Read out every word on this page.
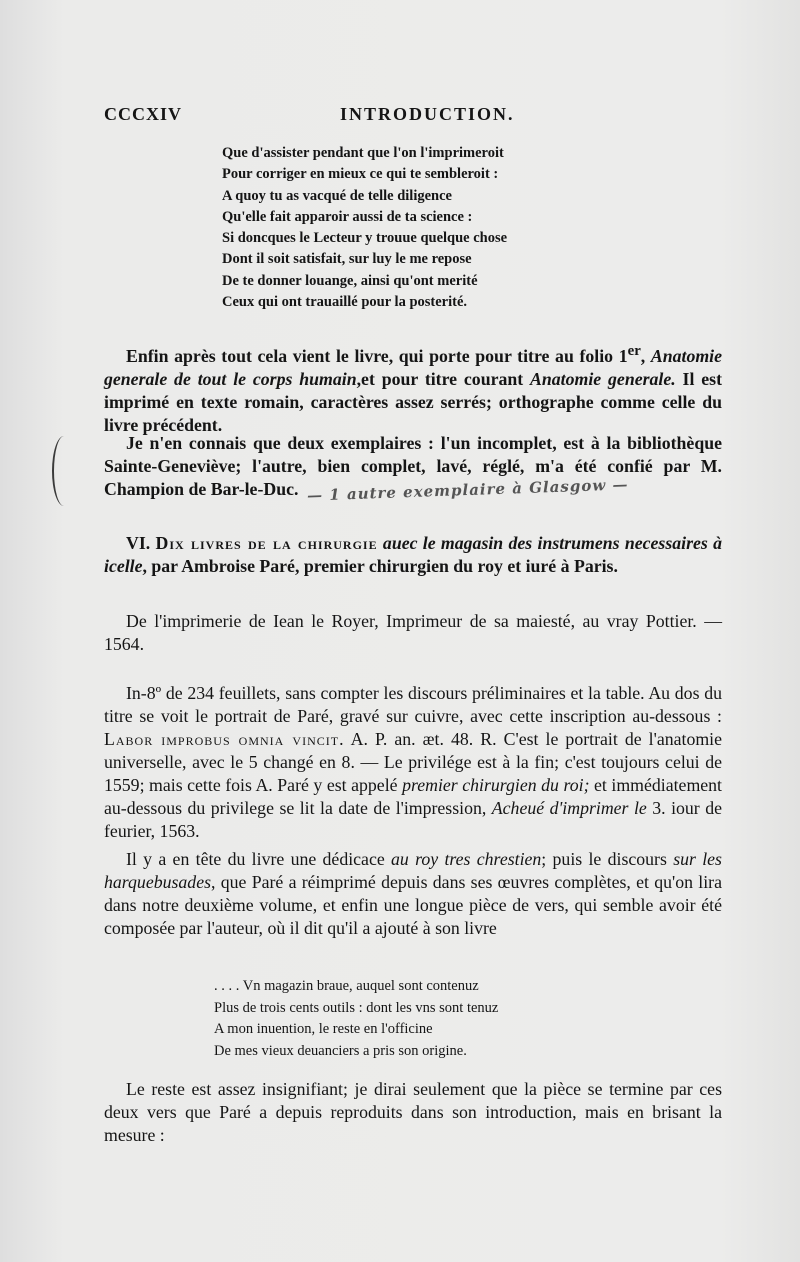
CCCXIV	INTRODUCTION.
Que d'assister pendant que l'on l'imprimeroit
Pour corriger en mieux ce qui te sembleroit :
A quoy tu as vacqué de telle diligence
Qu'elle fait apparoir aussi de ta science :
Si doncques le Lecteur y trouue quelque chose
Dont il soit satisfait, sur luy le me repose
De te donner louange, ainsi qu'ont merité
Ceux qui ont trauaillé pour la posterité.
Enfin après tout cela vient le livre, qui porte pour titre au folio 1er, Anatomie generale de tout le corps humain,et pour titre courant Anatomie generale. Il est imprimé en texte romain, caractères assez serrés; orthographe comme celle du livre précédent.
Je n'en connais que deux exemplaires : l'un incomplet, est à la bibliothèque Sainte-Geneviève; l'autre, bien complet, lavé, réglé, m'a été confié par M. Champion de Bar-le-Duc. — 1 autre exemplaire à Glasgow —
VI. Dix livres de la chirurgie auec le magasin des instrumens necessaires à icelle, par Ambroise Paré, premier chirurgien du roy et iuré à Paris.
De l'imprimerie de Iean le Royer, Imprimeur de sa maiesté, au vray Pottier. — 1564.
In-8º de 234 feuillets, sans compter les discours préliminaires et la table. Au dos du titre se voit le portrait de Paré, gravé sur cuivre, avec cette inscription au-dessous : Labor improbus omnia vincit. A. P. an. æt. 48. R. C'est le portrait de l'anatomie universelle, avec le 5 changé en 8. — Le privilége est à la fin; c'est toujours celui de 1559; mais cette fois A. Paré y est appelé premier chirurgien du roi; et immédiatement au-dessous du privilege se lit la date de l'impression, Acheué d'imprimer le 3. iour de feurier, 1563.
Il y a en tête du livre une dédicace au roy tres chrestien; puis le discours sur les harquebusades, que Paré a réimprimé depuis dans ses œuvres complètes, et qu'on lira dans notre deuxième volume, et enfin une longue pièce de vers, qui semble avoir été composée par l'auteur, où il dit qu'il a ajouté à son livre
. . . . Vn magazin braue, auquel sont contenuz
Plus de trois cents outils : dont les vns sont tenuz
A mon inuention, le reste en l'officine
De mes vieux deuanciers a pris son origine.
Le reste est assez insignifiant; je dirai seulement que la pièce se termine par ces deux vers que Paré a depuis reproduits dans son introduction, mais en brisant la mesure :
